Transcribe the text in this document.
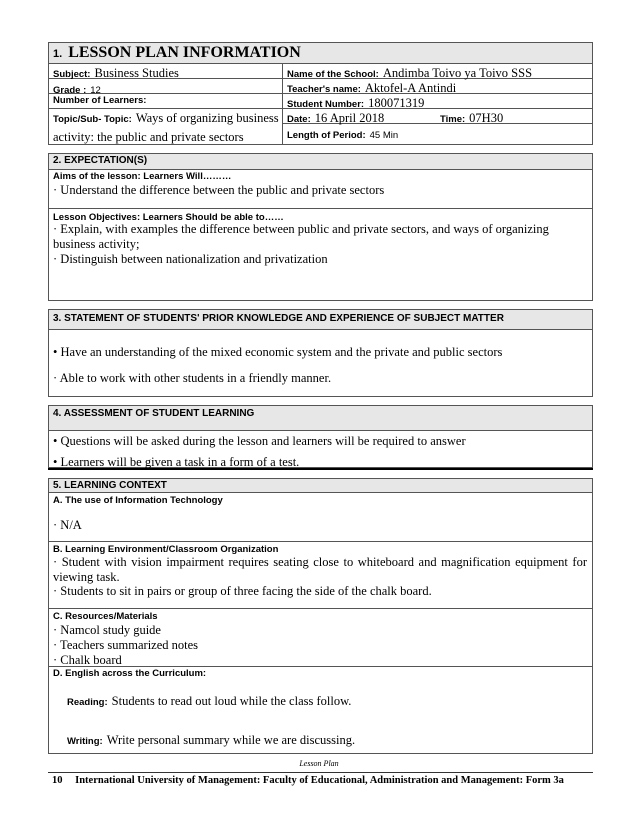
1. LESSON PLAN INFORMATION
Subject: Business Studies	Name of the School: Andimba Toivo ya Toivo SSS
Grade : 12	Teacher's name: Aktofel-A Antindi
Number of Learners:	Student Number: 180071319
Topic/Sub- Topic: Ways of organizing business
activity: the public and private sectors
Date: 16 April 2018	Time: 07H30
Length of Period: 45 Min
2. EXPECTATION(S)
Aims of the lesson: Learners Will………
· Understand the difference between the public and private sectors
Lesson Objectives: Learners Should be able to……
· Explain, with examples the difference between public and private sectors, and ways of organizing
business activity;
· Distinguish between nationalization and privatization
3. STATEMENT OF STUDENTS' PRIOR KNOWLEDGE AND EXPERIENCE OF SUBJECT MATTER
• Have an understanding of the mixed economic system and the private and public sectors
· Able to work with other students in a friendly manner.
4. ASSESSMENT OF STUDENT LEARNING
• Questions will be asked during the lesson and learners will be required to answer
• Learners will be given a task in a form of a test.
5. LEARNING CONTEXT
A. The use of Information Technology
· N/A
B. Learning Environment/Classroom Organization
· Student with vision impairment requires seating close to whiteboard and magnification equipment for
viewing task.
· Students to sit in pairs or group of three facing the side of the chalk board.
C. Resources/Materials
· Namcol study guide
· Teachers summarized notes
· Chalk board
D. English across the Curriculum:
Reading: Students to read out loud while the class follow.
Writing: Write personal summary while we are discussing.
Lesson Plan
10 International University of Management: Faculty of Educational, Administration and Management: Form 3a
